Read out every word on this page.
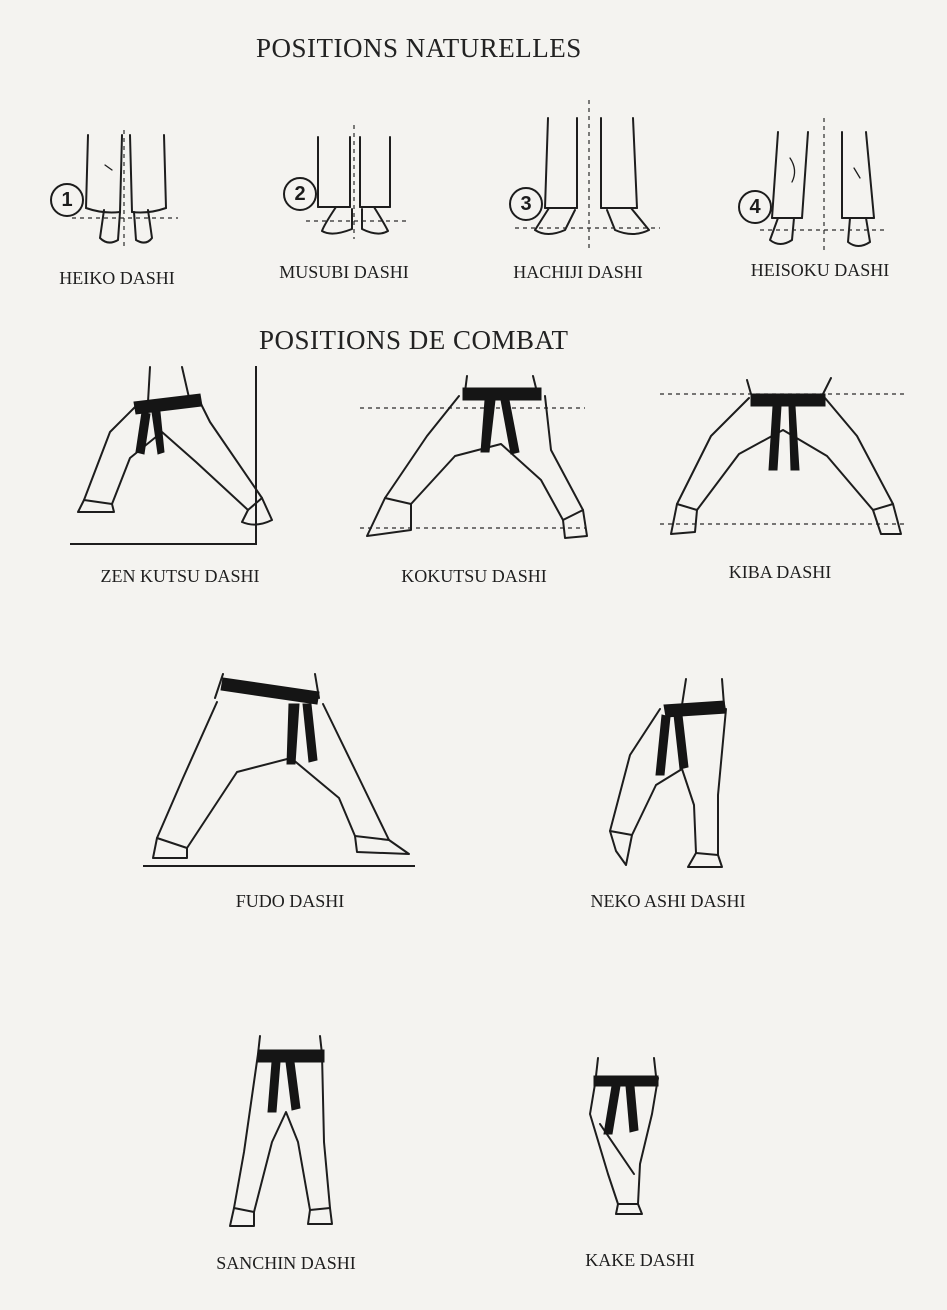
POSITIONS NATURELLES
POSITIONS DE COMBAT
1
HEIKO DASHI
2
MUSUBI DASHI
3
HACHIJI DASHI
4
HEISOKU DASHI
ZEN KUTSU DASHI	KOKUTSU DASHI	KIBA DASHI
FUDO DASHI	NEKO ASHI DASHI
SANCHIN DASHI	KAKE DASHI
